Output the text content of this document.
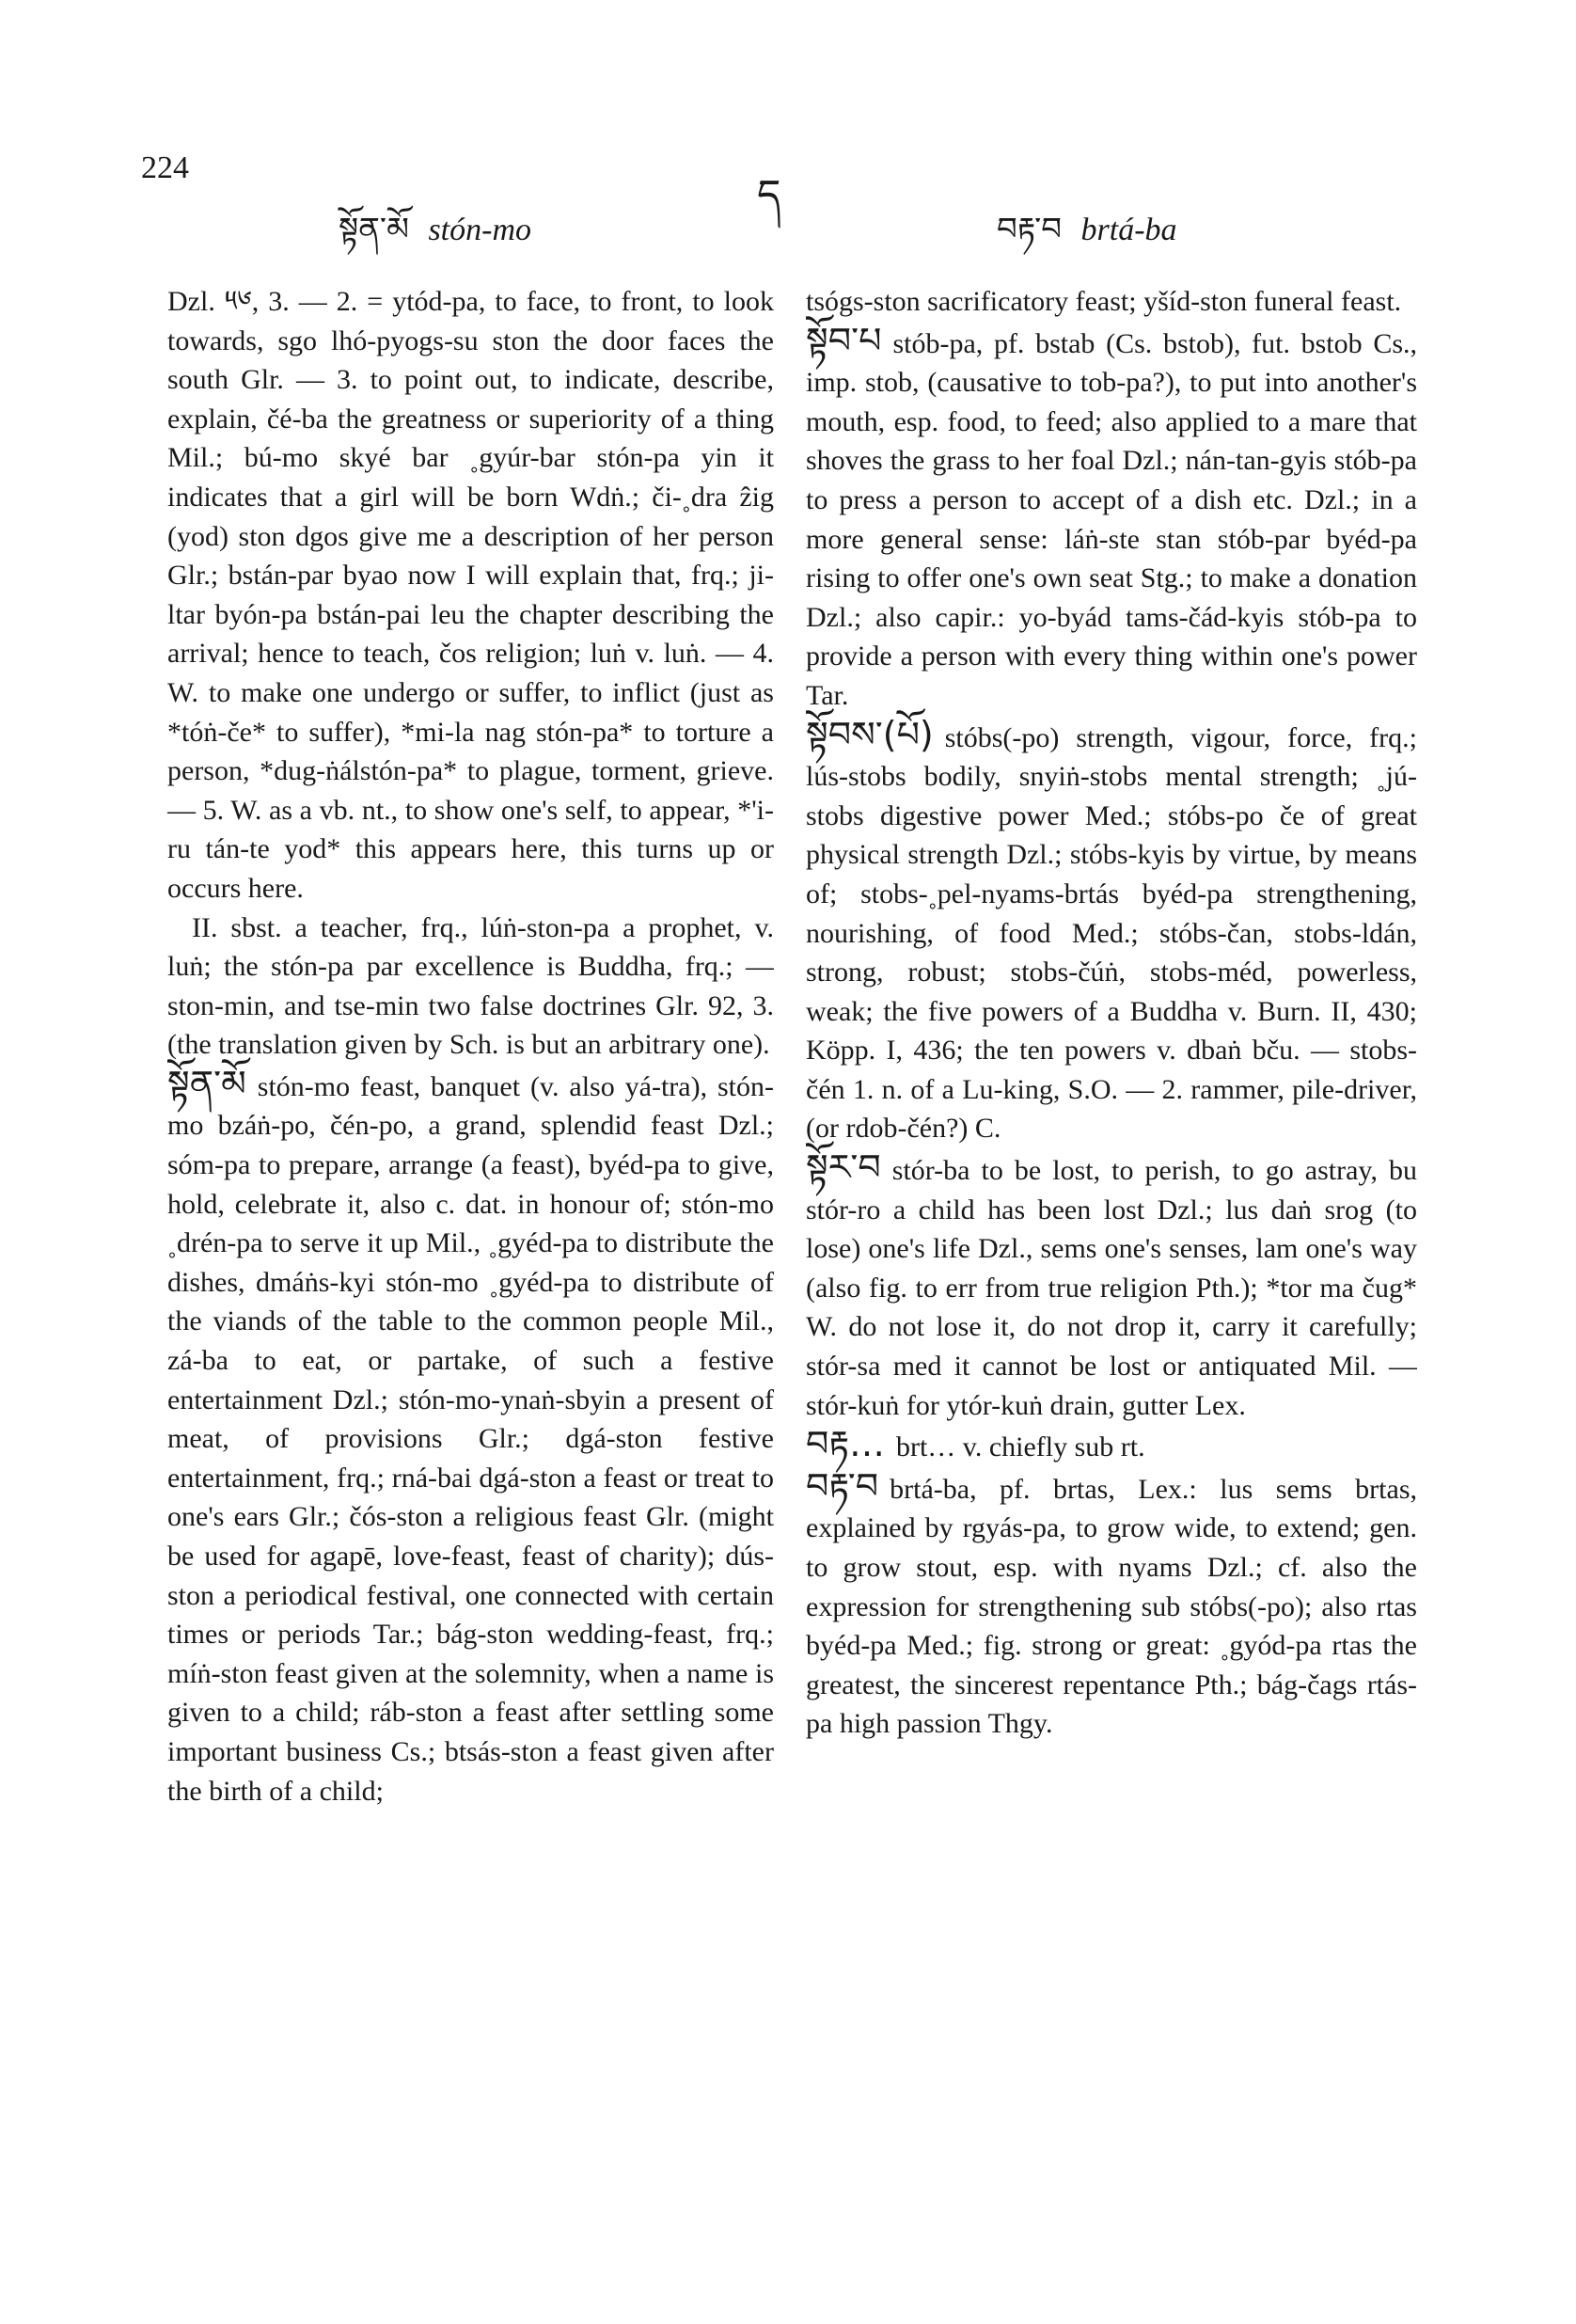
224
ད
སྟོན་མོ stón-mo	བརྟ་བ brtá-ba

Dzl. ༥༦, 3. — 2. = ytód-pa, to face, to front, to look towards, sgo lhó-pyogs-su ston the door faces the south Glr. — 3. to point out, to indicate, describe, explain, čé-ba the greatness or superiority of a thing Mil.; bú-mo skyé bar ˳gyúr-bar stón-pa yin it indicates that a girl will be born Wdṅ.; či-˳dra ẑig (yod) ston dgos give me a description of her person Glr.; bstán-par byao now I will explain that, frq.; ji-ltar byón-pa bstán-pai leu the chapter describing the arrival; hence to teach, čos religion; luṅ v. luṅ. — 4. W. to make one undergo or suffer, to inflict (just as *tóṅ-če* to suffer), *mi-la nag stón-pa* to torture a person, *dug-ṅálstón-pa* to plague, torment, grieve. — 5. W. as a vb. nt., to show one's self, to appear, *'i-ru tán-te yod* this appears here, this turns up or occurs here.

II. sbst. a teacher, frq., lúṅ-ston-pa a prophet, v. luṅ; the stón-pa par excellence is Buddha, frq.; — ston-min, and tse-min two false doctrines Glr. 92, 3. (the translation given by Sch. is but an arbitrary one).

སྟོན་མོ stón-mo feast, banquet (v. also yá-tra), stón-mo bzáṅ-po, čén-po, a grand, splendid feast Dzl.; sóm-pa to prepare, arrange (a feast), byéd-pa to give, hold, celebrate it, also c. dat. in honour of; stón-mo ˳drén-pa to serve it up Mil., ˳gyéd-pa to distribute the dishes, dmáṅs-kyi stón-mo ˳gyéd-pa to distribute of the viands of the table to the common people Mil., zá-ba to eat, or partake, of such a festive entertainment Dzl.; stón-mo-ynaṅ-sbyin a present of meat, of provisions Glr.; dgá-ston festive entertainment, frq.; rná-bai dgá-ston a feast or treat to one's ears Glr.; čós-ston a religious feast Glr. (might be used for agapē, love-feast, feast of charity); dús-ston a periodical festival, one connected with certain times or periods Tar.; bág-ston wedding-feast, frq.; míṅ-ston feast given at the solemnity, when a name is given to a child; ráb-ston a feast after settling some important business Cs.; btsás-ston a feast given after the birth of a child;

tsógs-ston sacrificatory feast; yšíd-ston funeral feast.

སྟོབ་པ stób-pa, pf. bstab (Cs. bstob), fut. bstob Cs., imp. stob, (causative to tob-pa?), to put into another's mouth, esp. food, to feed; also applied to a mare that shoves the grass to her foal Dzl.; nán-tan-gyis stób-pa to press a person to accept of a dish etc. Dzl.; in a more general sense: láṅ-ste stan stób-par byéd-pa rising to offer one's own seat Stg.; to make a donation Dzl.; also capir.: yo-byád tams-čád-kyis stób-pa to provide a person with every thing within one's power Tar.

སྟོབས་(པོ) stóbs(-po) strength, vigour, force, frq.; lús-stobs bodily, snyiṅ-stobs mental strength; ˳jú-stobs digestive power Med.; stóbs-po če of great physical strength Dzl.; stóbs-kyis by virtue, by means of; stobs-˳pel-nyams-brtás byéd-pa strengthening, nourishing, of food Med.; stóbs-čan, stobs-ldán, strong, robust; stobs-čúṅ, stobs-méd, powerless, weak; the five powers of a Buddha v. Burn. II, 430; Köpp. I, 436; the ten powers v. dbaṅ bču. — stobs-čén 1. n. of a Lu-king, S.O. — 2. rammer, pile-driver, (or rdob-čén?) C.

སྟོར་བ stór-ba to be lost, to perish, to go astray, bu stór-ro a child has been lost Dzl.; lus daṅ srog (to lose) one's life Dzl., sems one's senses, lam one's way (also fig. to err from true religion Pth.); *tor ma čug* W. do not lose it, do not drop it, carry it carefully; stór-sa med it cannot be lost or antiquated Mil. — stór-kuṅ for ytór-kuṅ drain, gutter Lex.

བརྟ… brt… v. chiefly sub rt.

བརྟ་བ brtá-ba, pf. brtas, Lex.: lus sems brtas, explained by rgyás-pa, to grow wide, to extend; gen. to grow stout, esp. with nyams Dzl.; cf. also the expression for strengthening sub stóbs(-po); also rtas byéd-pa Med.; fig. strong or great: ˳gyód-pa rtas the greatest, the sincerest repentance Pth.; bág-čags rtás-pa high passion Thgy.
